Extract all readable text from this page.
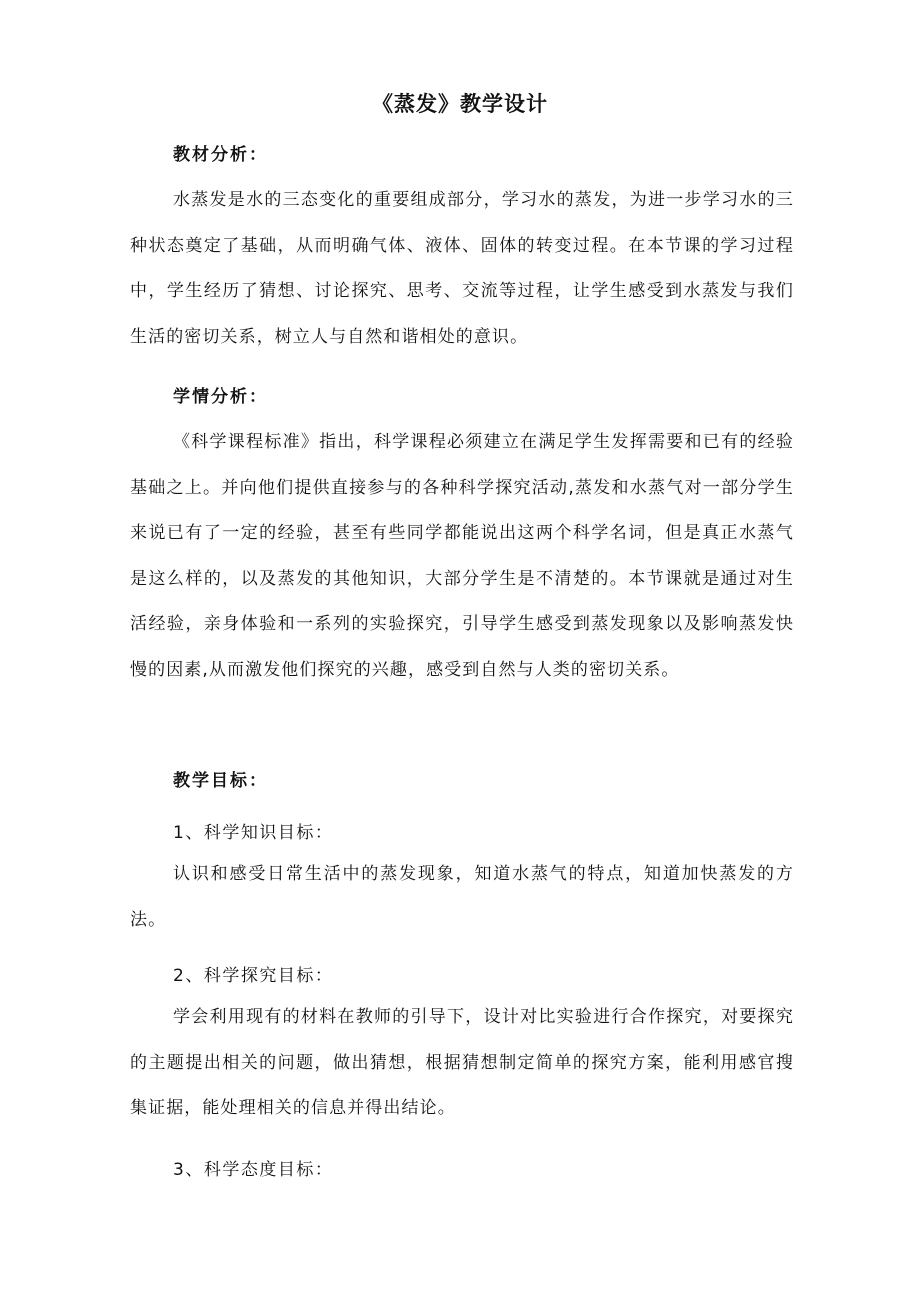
《蒸发》教学设计
教材分析：
水蒸发是水的三态变化的重要组成部分，学习水的蒸发，为进一步学习水的三种状态奠定了基础，从而明确气体、液体、固体的转变过程。在本节课的学习过程中，学生经历了猜想、讨论探究、思考、交流等过程，让学生感受到水蒸发与我们生活的密切关系，树立人与自然和谐相处的意识。
学情分析：
《科学课程标准》指出，科学课程必须建立在满足学生发挥需要和已有的经验基础之上。并向他们提供直接参与的各种科学探究活动,蒸发和水蒸气对一部分学生来说已有了一定的经验，甚至有些同学都能说出这两个科学名词，但是真正水蒸气是这么样的，以及蒸发的其他知识，大部分学生是不清楚的。本节课就是通过对生活经验，亲身体验和一系列的实验探究，引导学生感受到蒸发现象以及影响蒸发快慢的因素,从而激发他们探究的兴趣，感受到自然与人类的密切关系。
教学目标：
1、科学知识目标：
认识和感受日常生活中的蒸发现象，知道水蒸气的特点，知道加快蒸发的方法。
2、科学探究目标：
学会利用现有的材料在教师的引导下，设计对比实验进行合作探究，对要探究的主题提出相关的问题，做出猜想，根据猜想制定简单的探究方案，能利用感官搜集证据，能处理相关的信息并得出结论。
3、科学态度目标：
